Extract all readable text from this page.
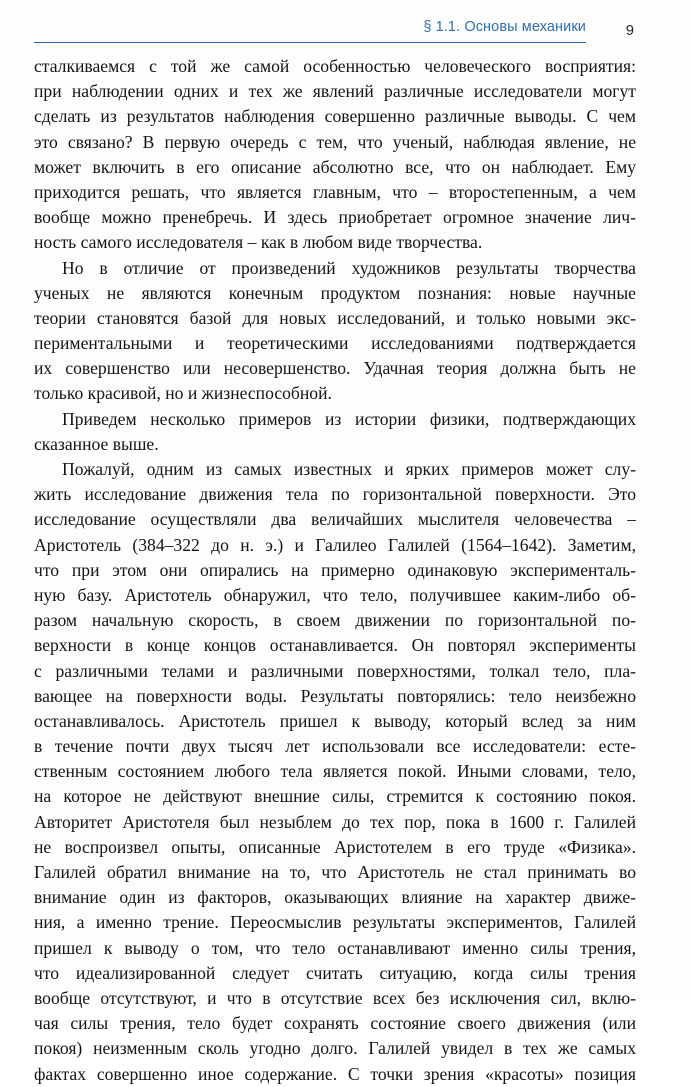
§ 1.1. Основы механики	9
сталкиваемся с той же самой особенностью человеческого восприятия:
при наблюдении одних и тех же явлений различные исследователи могут
сделать из результатов наблюдения совершенно различные выводы. С чем
это связано? В первую очередь с тем, что ученый, наблюдая явление, не
может включить в его описание абсолютно все, что он наблюдает. Ему
приходится решать, что является главным, что – второстепенным, а чем
вообще можно пренебречь. И здесь приобретает огромное значение лич-
ность самого исследователя – как в любом виде творчества.
Но в отличие от произведений художников результаты творчества
ученых не являются конечным продуктом познания: новые научные
теории становятся базой для новых исследований, и только новыми экс-
периментальными и теоретическими исследованиями подтверждается
их совершенство или несовершенство. Удачная теория должна быть не
только красивой, но и жизнеспособной.
Приведем несколько примеров из истории физики, подтверждающих
сказанное выше.
Пожалуй, одним из самых известных и ярких примеров может слу-
жить исследование движения тела по горизонтальной поверхности. Это
исследование осуществляли два величайших мыслителя человечества –
Аристотель (384–322 до н. э.) и Галилео Галилей (1564–1642). Заметим,
что при этом они опирались на примерно одинаковую эксперименталь-
ную базу. Аристотель обнаружил, что тело, получившее каким-либо об-
разом начальную скорость, в своем движении по горизонтальной по-
верхности в конце концов останавливается. Он повторял эксперименты
с различными телами и различными поверхностями, толкал тело, пла-
вающее на поверхности воды. Результаты повторялись: тело неизбежно
останавливалось. Аристотель пришел к выводу, который вслед за ним
в течение почти двух тысяч лет использовали все исследователи: есте-
ственным состоянием любого тела является покой. Иными словами, тело,
на которое не действуют внешние силы, стремится к состоянию покоя.
Авторитет Аристотеля был незыблем до тех пор, пока в 1600 г. Галилей
не воспроизвел опыты, описанные Аристотелем в его труде «Физика».
Галилей обратил внимание на то, что Аристотель не стал принимать во
внимание один из факторов, оказывающих влияние на характер движе-
ния, а именно трение. Переосмыслив результаты экспериментов, Галилей
пришел к выводу о том, что тело останавливают именно силы трения,
что идеализированной следует считать ситуацию, когда силы трения
вообще отсутствуют, и что в отсутствие всех без исключения сил, вклю-
чая силы трения, тело будет сохранять состояние своего движения (или
покоя) неизменным сколь угодно долго. Галилей увидел в тех же самых
фактах совершенно иное содержание. С точки зрения «красоты» позиция
